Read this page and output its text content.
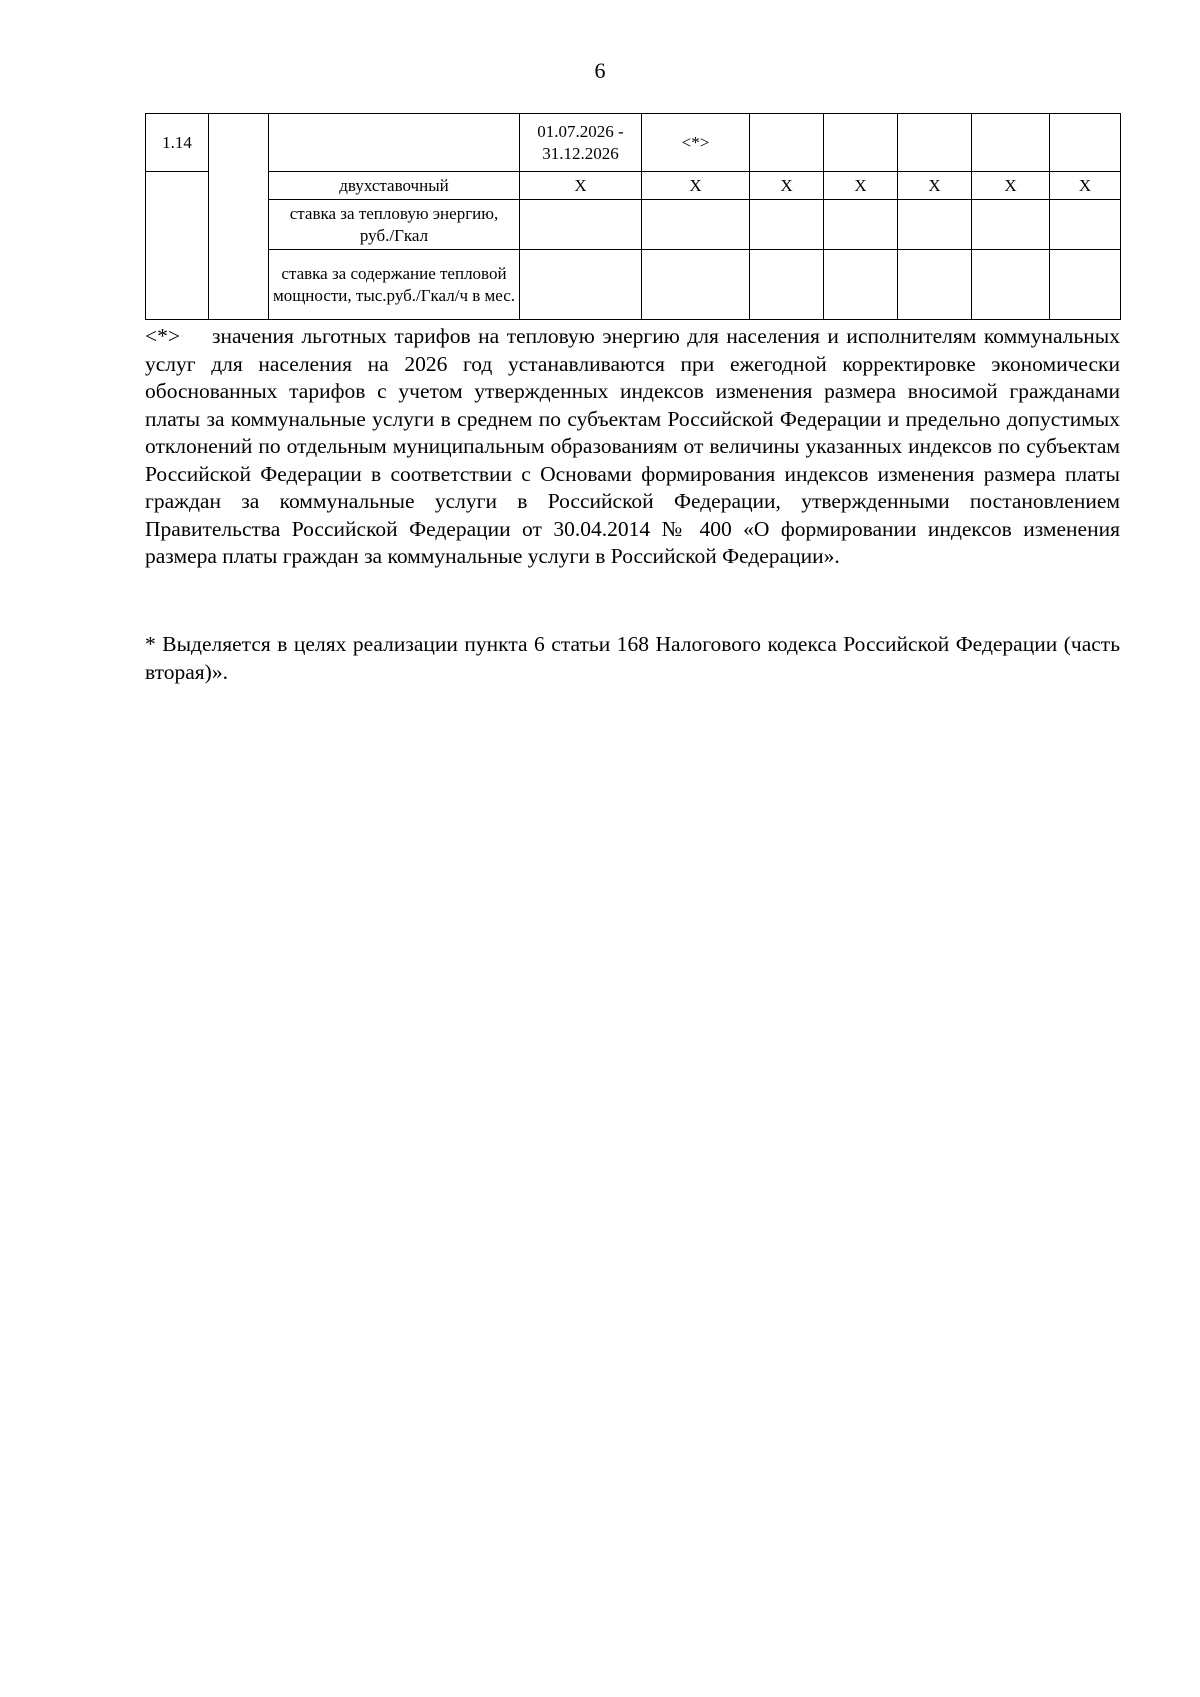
6
1.14			01.07.2026 - 31.12.2026	<*>					
		двухставочный	X	X	X	X	X	X	X
		ставка за тепловую энергию, руб./Гкал							
		ставка за содержание тепловой мощности, тыс.руб./Гкал/ч в мес.							

<*> значения льготных тарифов на тепловую энергию для населения и исполнителям коммунальных услуг для населения на 2026 год устанавливаются при ежегодной корректировке экономически обоснованных тарифов с учетом утвержденных индексов изменения размера вносимой гражданами платы за коммунальные услуги в среднем по субъектам Российской Федерации и предельно допустимых отклонений по отдельным муниципальным образованиям от величины указанных индексов по субъектам Российской Федерации в соответствии с Основами формирования индексов изменения размера платы граждан за коммунальные услуги в Российской Федерации, утвержденными постановлением Правительства Российской Федерации от 30.04.2014 № 400 «О формировании индексов изменения размера платы граждан за коммунальные услуги в Российской Федерации».

* Выделяется в целях реализации пункта 6 статьи 168 Налогового кодекса Российской Федерации (часть вторая)».
